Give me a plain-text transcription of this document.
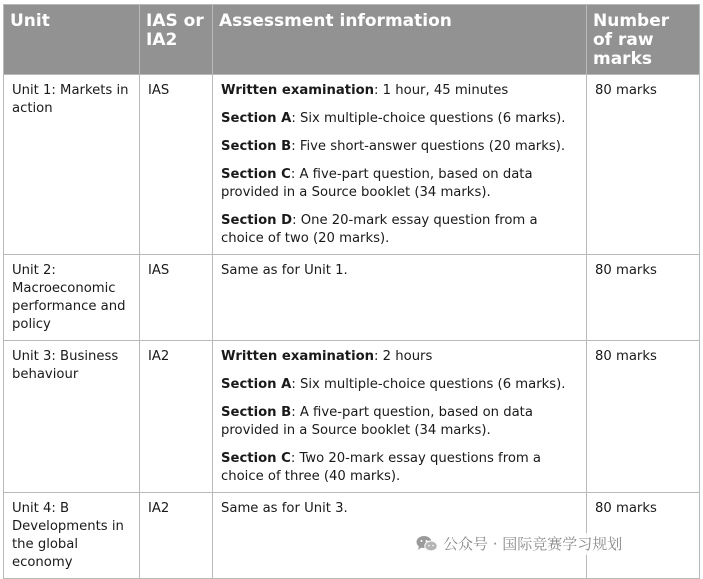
Unit	IAS or IA2	Assessment information	Number of raw marks
Unit 1: Markets in action	IAS	Written examination: 1 hour, 45 minutes
Section A: Six multiple-choice questions (6 marks).
Section B: Five short-answer questions (20 marks).
Section C: A five-part question, based on data provided in a Source booklet (34 marks).
Section D: One 20-mark essay question from a choice of two (20 marks).	80 marks
Unit 2: Macroeconomic performance and policy	IAS	Same as for Unit 1.	80 marks
Unit 3: Business behaviour	IA2	Written examination: 2 hours
Section A: Six multiple-choice questions (6 marks).
Section B: A five-part question, based on data provided in a Source booklet (34 marks).
Section C: Two 20-mark essay questions from a choice of three (40 marks).	80 marks
Unit 4: B Developments in the global economy	IA2	Same as for Unit 3.	80 marks
公众号 · 国际竞赛学习规划
